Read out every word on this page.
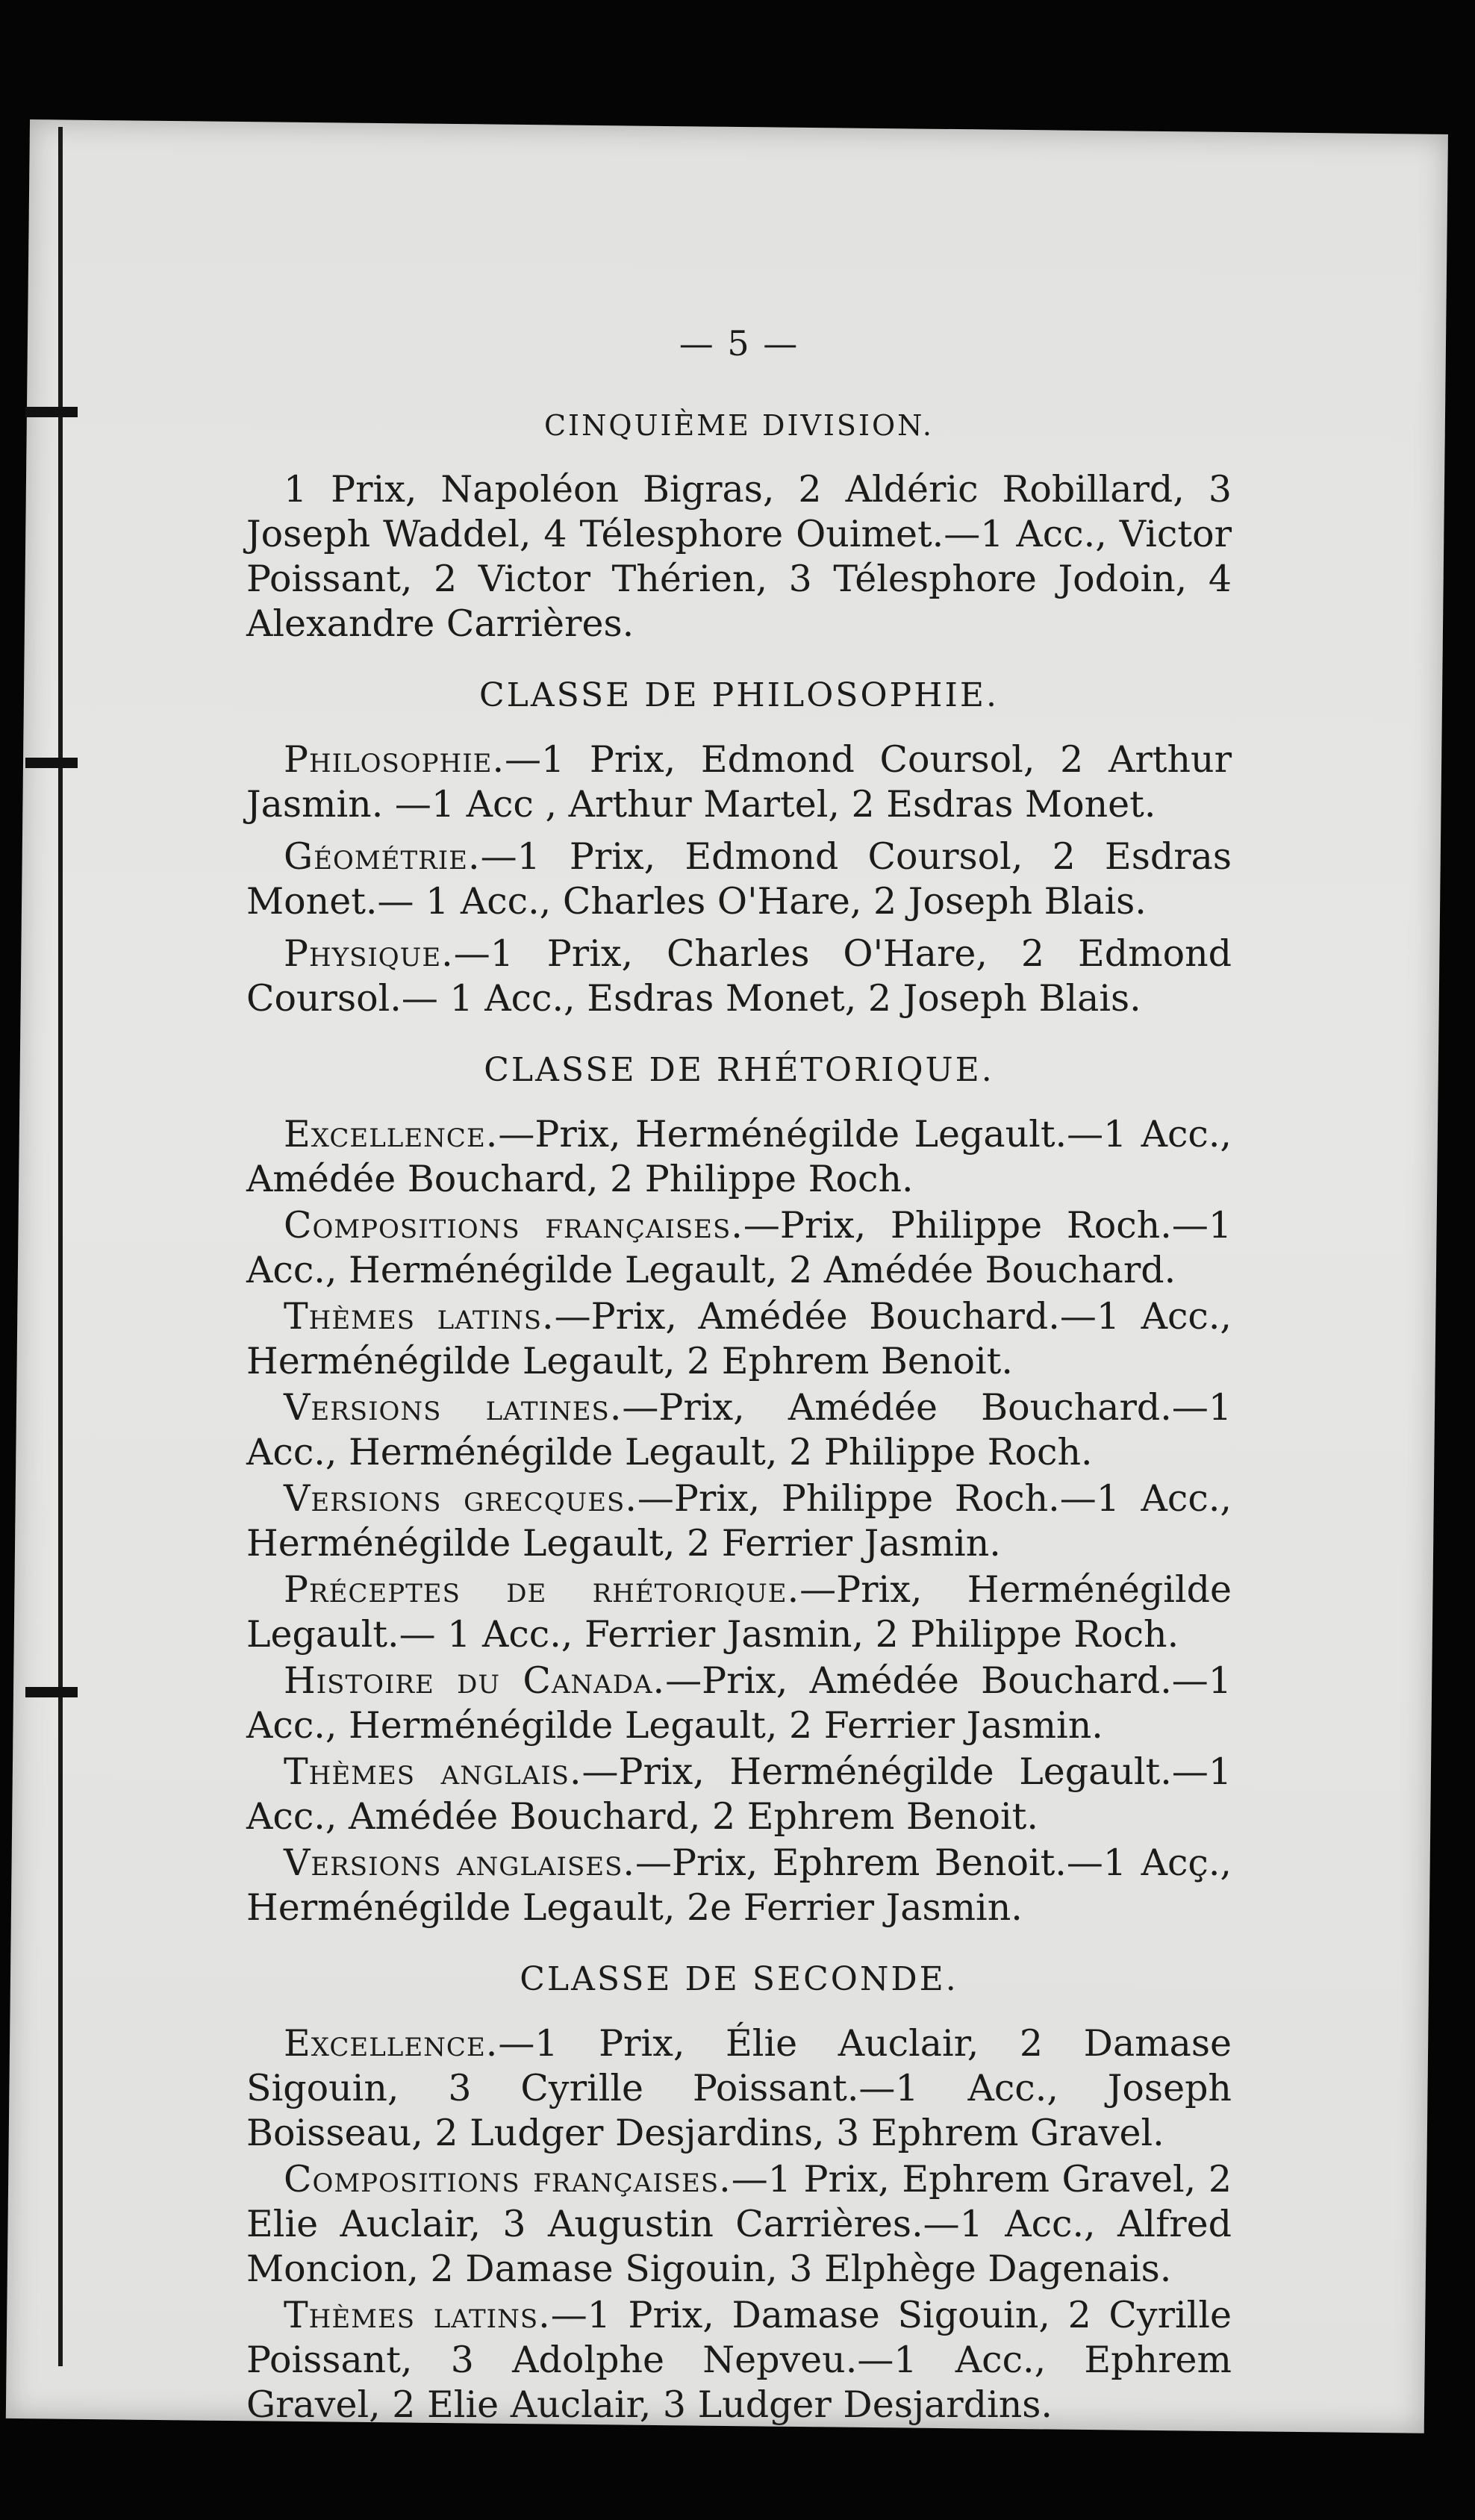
— 5 —
CINQUIÈME DIVISION.

1 Prix, Napoléon Bigras, 2 Aldéric Robillard, 3 Joseph Waddel, 4 Télesphore Ouimet.—1 Acc., Victor Poissant, 2 Victor Thérien, 3 Télesphore Jodoin, 4 Alexandre Carrières.

CLASSE DE PHILOSOPHIE.

Philosophie.—1 Prix, Edmond Coursol, 2 Arthur Jasmin. —1 Acc , Arthur Martel, 2 Esdras Monet.

Géométrie.—1 Prix, Edmond Coursol, 2 Esdras Monet.— 1 Acc., Charles O'Hare, 2 Joseph Blais.

Physique.—1 Prix, Charles O'Hare, 2 Edmond Coursol.— 1 Acc., Esdras Monet, 2 Joseph Blais.

CLASSE DE RHÉTORIQUE.

Excellence.—Prix, Herménégilde Legault.—1 Acc., Amédée Bouchard, 2 Philippe Roch.

Compositions françaises.—Prix, Philippe Roch.—1 Acc., Herménégilde Legault, 2 Amédée Bouchard.

Thèmes latins.—Prix, Amédée Bouchard.—1 Acc., Herménégilde Legault, 2 Ephrem Benoit.

Versions latines.—Prix, Amédée Bouchard.—1 Acc., Herménégilde Legault, 2 Philippe Roch.

Versions grecques.—Prix, Philippe Roch.—1 Acc., Herménégilde Legault, 2 Ferrier Jasmin.

Préceptes de rhétorique.—Prix, Herménégilde Legault.— 1 Acc., Ferrier Jasmin, 2 Philippe Roch.

Histoire du Canada.—Prix, Amédée Bouchard.—1 Acc., Herménégilde Legault, 2 Ferrier Jasmin.

Thèmes anglais.—Prix, Herménégilde Legault.—1 Acc., Amédée Bouchard, 2 Ephrem Benoit.

Versions anglaises.—Prix, Ephrem Benoit.—1 Acç., Herménégilde Legault, 2e Ferrier Jasmin.

CLASSE DE SECONDE.

Excellence.—1 Prix, Élie Auclair, 2 Damase Sigouin, 3 Cyrille Poissant.—1 Acc., Joseph Boisseau, 2 Ludger Desjardins, 3 Ephrem Gravel.

Compositions françaises.—1 Prix, Ephrem Gravel, 2 Elie Auclair, 3 Augustin Carrières.—1 Acc., Alfred Moncion, 2 Damase Sigouin, 3 Elphège Dagenais.

Thèmes latins.—1 Prix, Damase Sigouin, 2 Cyrille Poissant, 3 Adolphe Nepveu.—1 Acc., Ephrem Gravel, 2 Elie Auclair, 3 Ludger Desjardins.
